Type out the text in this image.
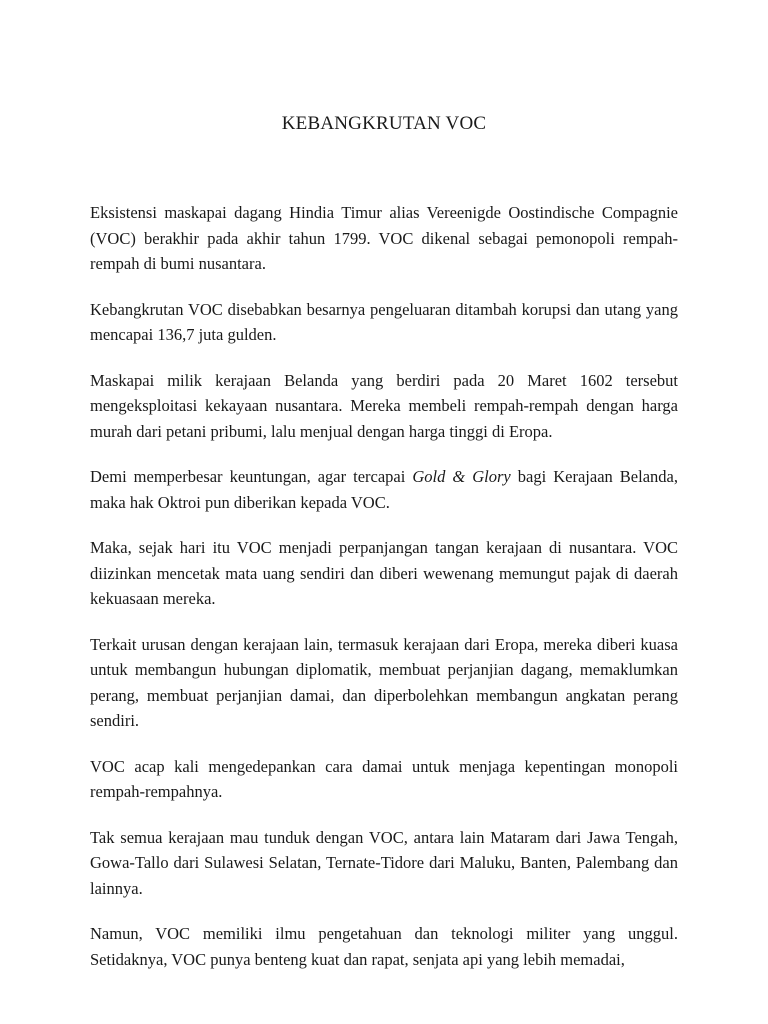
KEBANGKRUTAN VOC

Eksistensi maskapai dagang Hindia Timur alias Vereenigde Oostindische Compagnie (VOC) berakhir pada akhir tahun 1799. VOC dikenal sebagai pemonopoli rempah-rempah di bumi nusantara.

Kebangkrutan VOC disebabkan besarnya pengeluaran ditambah korupsi dan utang yang mencapai 136,7 juta gulden.

Maskapai milik kerajaan Belanda yang berdiri pada 20 Maret 1602 tersebut mengeksploitasi kekayaan nusantara. Mereka membeli rempah-rempah dengan harga murah dari petani pribumi, lalu menjual dengan harga tinggi di Eropa.

Demi memperbesar keuntungan, agar tercapai Gold & Glory bagi Kerajaan Belanda, maka hak Oktroi pun diberikan kepada VOC.

Maka, sejak hari itu VOC menjadi perpanjangan tangan kerajaan di nusantara. VOC diizinkan mencetak mata uang sendiri dan diberi wewenang memungut pajak di daerah kekuasaan mereka.

Terkait urusan dengan kerajaan lain, termasuk kerajaan dari Eropa, mereka diberi kuasa untuk membangun hubungan diplomatik, membuat perjanjian dagang, memaklumkan perang, membuat perjanjian damai, dan diperbolehkan membangun angkatan perang sendiri.

VOC acap kali mengedepankan cara damai untuk menjaga kepentingan monopoli rempah-rempahnya.

Tak semua kerajaan mau tunduk dengan VOC, antara lain Mataram dari Jawa Tengah, Gowa-Tallo dari Sulawesi Selatan, Ternate-Tidore dari Maluku, Banten, Palembang dan lainnya.

Namun, VOC memiliki ilmu pengetahuan dan teknologi militer yang unggul. Setidaknya, VOC punya benteng kuat dan rapat, senjata api yang lebih memadai,
